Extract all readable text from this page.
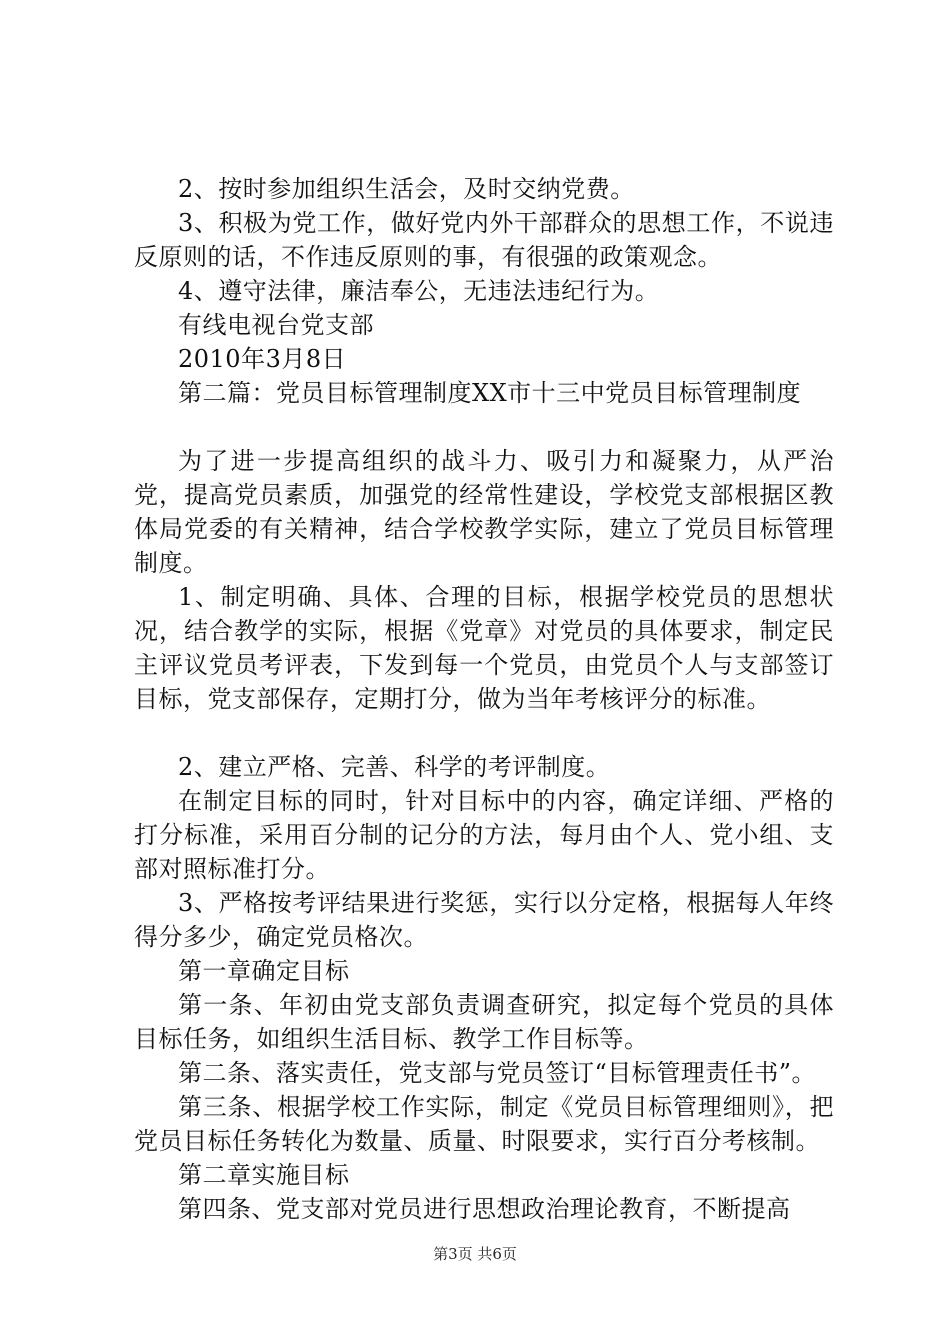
2、按时参加组织生活会，及时交纳党费。

3、积极为党工作，做好党内外干部群众的思想工作，不说违反原则的话，不作违反原则的事，有很强的政策观念。

4、遵守法律，廉洁奉公，无违法违纪行为。

有线电视台党支部

2010年3月8日

第二篇：党员目标管理制度XX市十三中党员目标管理制度

为了进一步提高组织的战斗力、吸引力和凝聚力，从严治党，提高党员素质，加强党的经常性建设，学校党支部根据区教体局党委的有关精神，结合学校教学实际，建立了党员目标管理制度。

1、制定明确、具体、合理的目标，根据学校党员的思想状况，结合教学的实际，根据《党章》对党员的具体要求，制定民主评议党员考评表，下发到每一个党员，由党员个人与支部签订目标，党支部保存，定期打分，做为当年考核评分的标准。

2、建立严格、完善、科学的考评制度。

在制定目标的同时，针对目标中的内容，确定详细、严格的打分标准，采用百分制的记分的方法，每月由个人、党小组、支部对照标准打分。

3、严格按考评结果进行奖惩，实行以分定格，根据每人年终得分多少，确定党员格次。

第一章确定目标

第一条、年初由党支部负责调查研究，拟定每个党员的具体目标任务，如组织生活目标、教学工作目标等。

第二条、落实责任，党支部与党员签订“目标管理责任书”。

第三条、根据学校工作实际，制定《党员目标管理细则》，把党员目标任务转化为数量、质量、时限要求，实行百分考核制。

第二章实施目标

第四条、党支部对党员进行思想政治理论教育，不断提高

第3页 共6页
